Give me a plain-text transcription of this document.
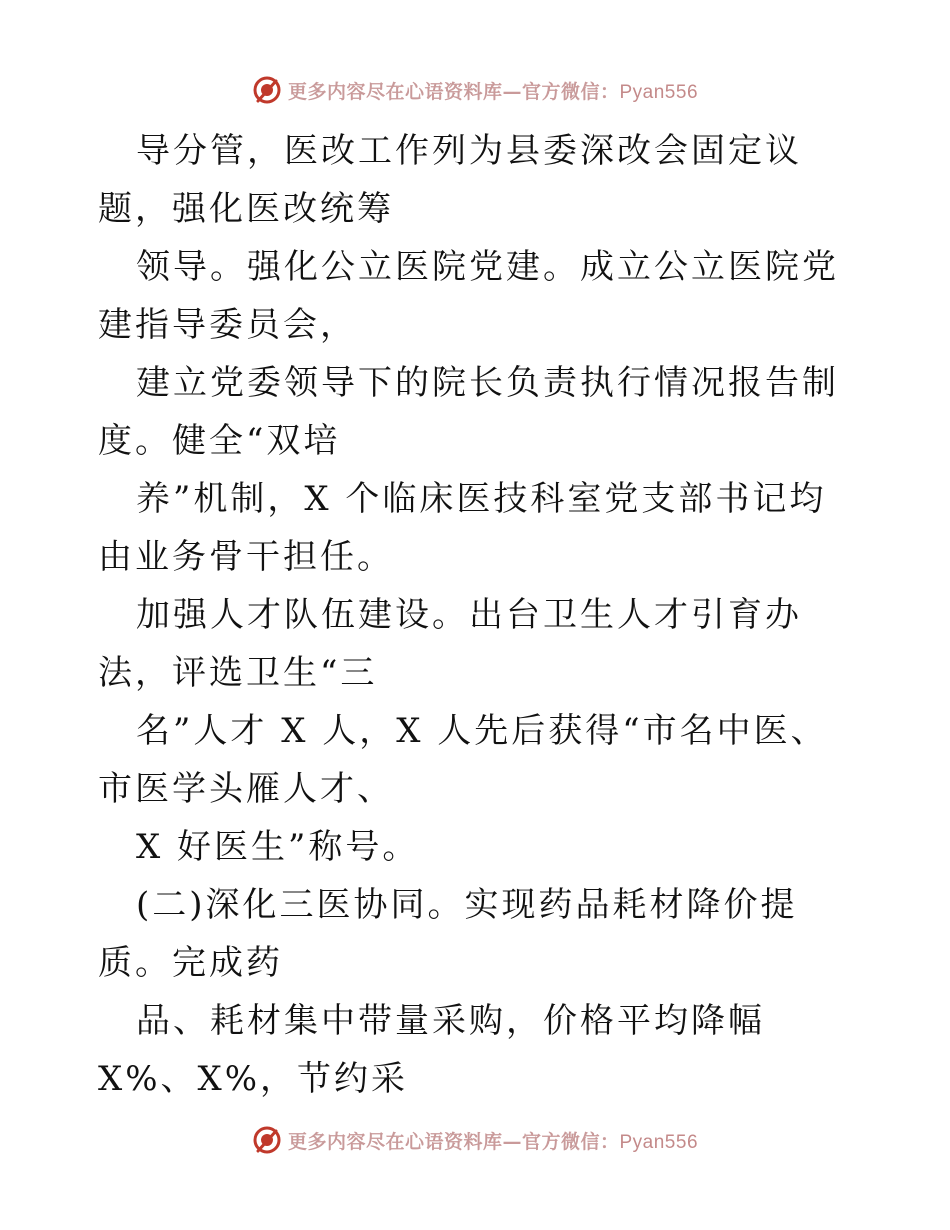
更多内容尽在心语资料库—官方微信：Pyan556

导分管，医改工作列为县委深改会固定议题，强化医改统筹

领导。强化公立医院党建。成立公立医院党建指导委员会，

建立党委领导下的院长负责执行情况报告制度。健全“双培

养”机制，X 个临床医技科室党支部书记均由业务骨干担任。

加强人才队伍建设。出台卫生人才引育办法，评选卫生“三

名”人才 X 人，X 人先后获得“市名中医、市医学头雁人才、

X 好医生”称号。

(二)深化三医协同。实现药品耗材降价提质。完成药

品、耗材集中带量采购，价格平均降幅 X%、X%，节约采

更多内容尽在心语资料库—官方微信：Pyan556
